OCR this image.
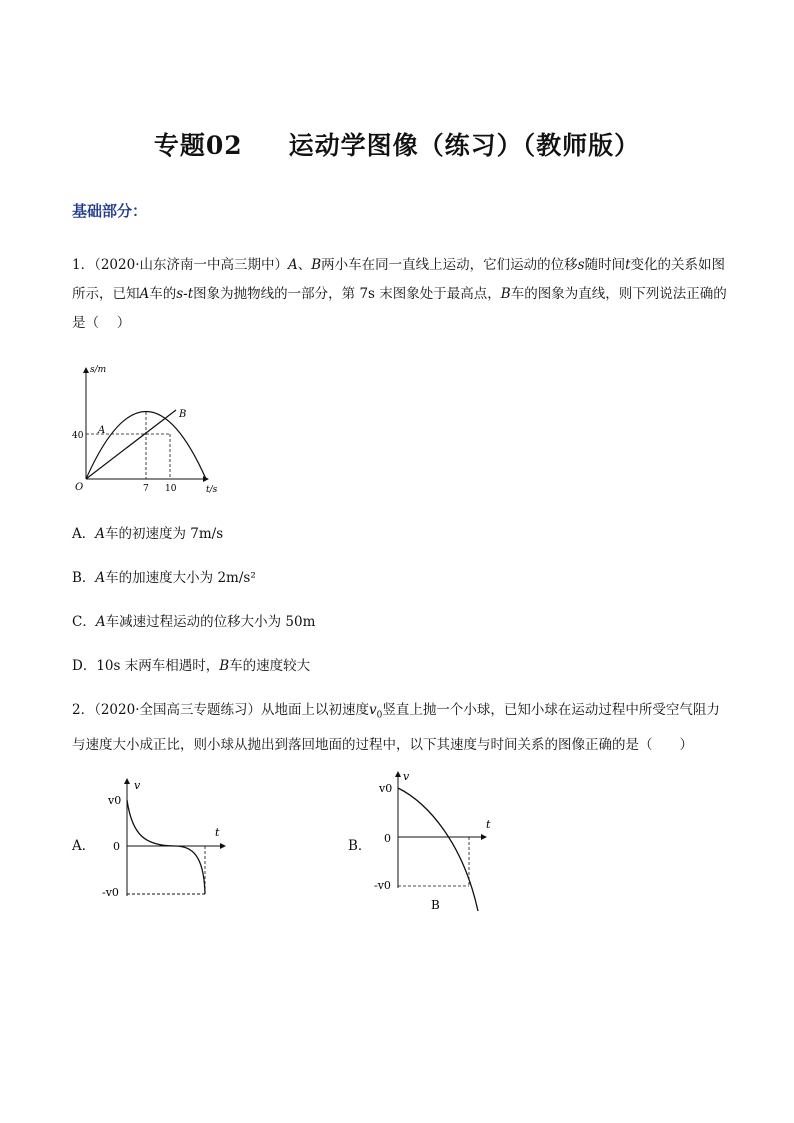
专题02 运动学图像（练习）（教师版）
基础部分：
1．（2020·山东济南一中高三期中）A、B两小车在同一直线上运动，它们运动的位移s随时间t变化的关系如图所示，已知A车的s-t图象为抛物线的一部分，第 7s 末图象处于最高点，B车的图象为直线，则下列说法正确的是（　 ）
s/m
t/s
O
40
7 10
A
B
A．A车的初速度为 7m/s
B．A车的加速度大小为 2m/s²
C．A车减速过程运动的位移大小为 50m
D．10s 末两车相遇时，B车的速度较大
2．（2020·全国高三专题练习）从地面上以初速度$v_0$竖直上抛一个小球，已知小球在运动过程中所受空气阻力与速度大小成正比，则小球从抛出到落回地面的过程中，以下其速度与时间关系的图像正确的是（　　）
A．
v
t
v0
0
-v0
B．
v
t
v0
0
-v0
B
